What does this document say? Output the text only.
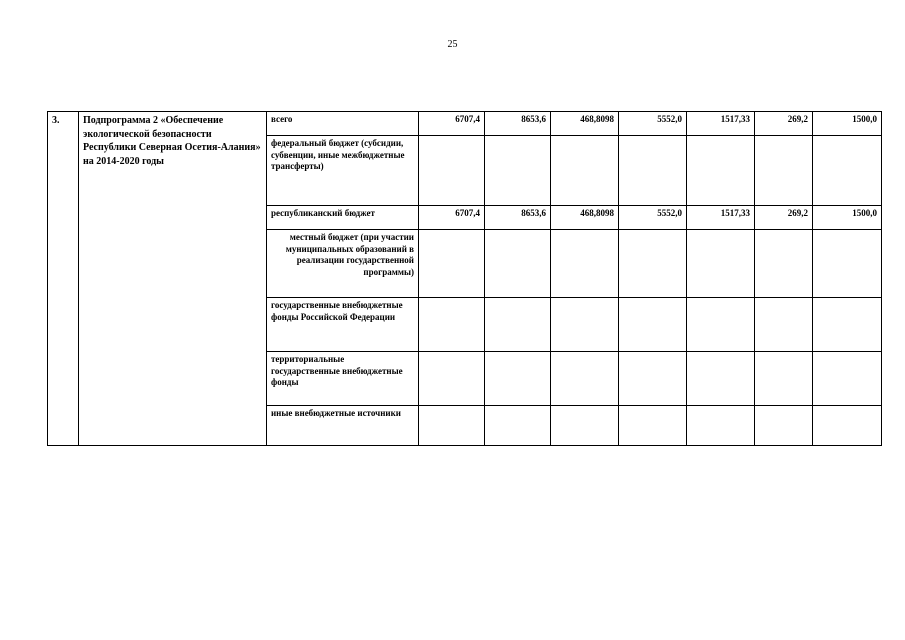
25
3.	Подпрограмма 2 «Обеспечение экологической безопасности Республики Северная Осетия-Алания» на 2014-2020 годы	всего	6707,4	8653,6	468,8098	5552,0	1517,33	269,2	1500,0
		федеральный бюджет (субсидии, субвенции, иные межбюджетные трансферты)							
		республиканский бюджет	6707,4	8653,6	468,8098	5552,0	1517,33	269,2	1500,0
		местный бюджет (при участии муниципальных образований в реализации государственной программы)							
		государственные внебюджетные фонды Российской Федерации							
		территориальные государственные внебюджетные фонды							
		иные внебюджетные источники							
